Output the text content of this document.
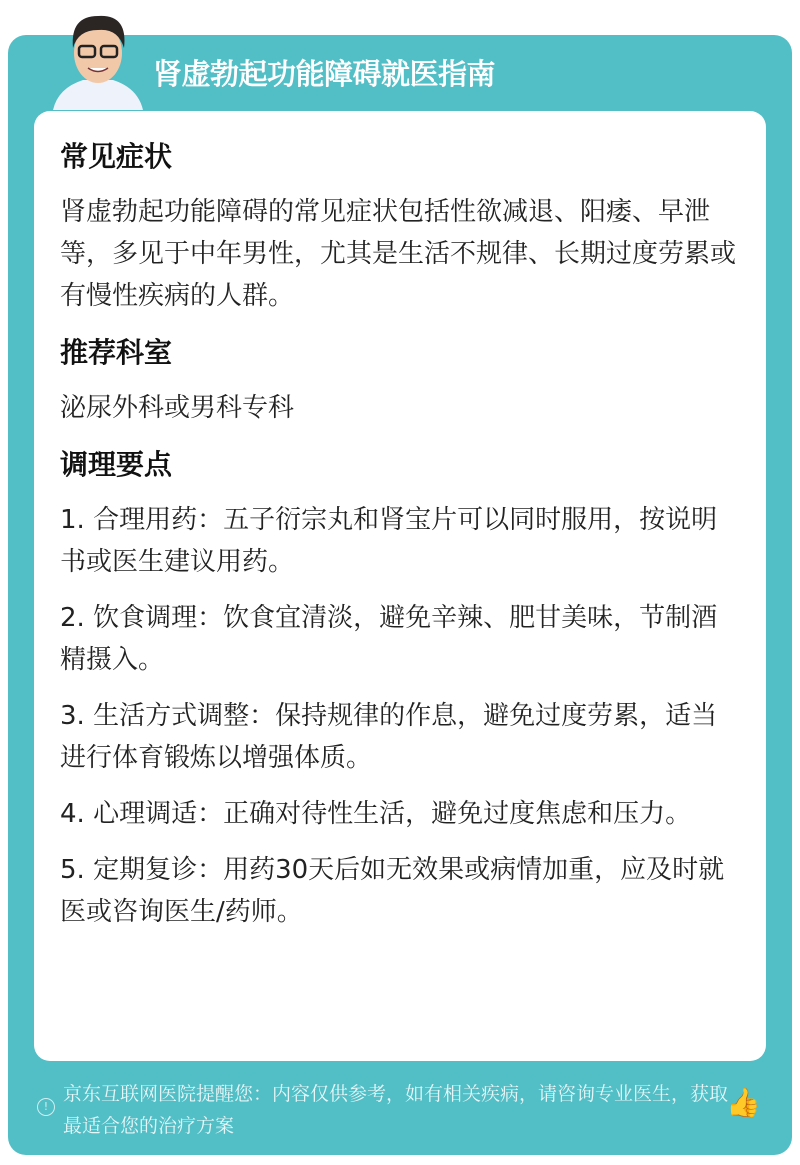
肾虚勃起功能障碍就医指南
常见症状

肾虚勃起功能障碍的常见症状包括性欲减退、阳痿、早泄等，多见于中年男性，尤其是生活不规律、长期过度劳累或有慢性疾病的人群。

推荐科室

泌尿外科或男科专科

调理要点

1. 合理用药：五子衍宗丸和肾宝片可以同时服用，按说明书或医生建议用药。

2. 饮食调理：饮食宜清淡，避免辛辣、肥甘美味，节制酒精摄入。

3. 生活方式调整：保持规律的作息，避免过度劳累，适当进行体育锻炼以增强体质。

4. 心理调适：正确对待性生活，避免过度焦虑和压力。

5. 定期复诊：用药30天后如无效果或病情加重，应及时就医或咨询医生/药师。

!
京东互联网医院提醒您：内容仅供参考，如有相关疾病，请咨询专业医生，获取最适合您的治疗方案
👍
